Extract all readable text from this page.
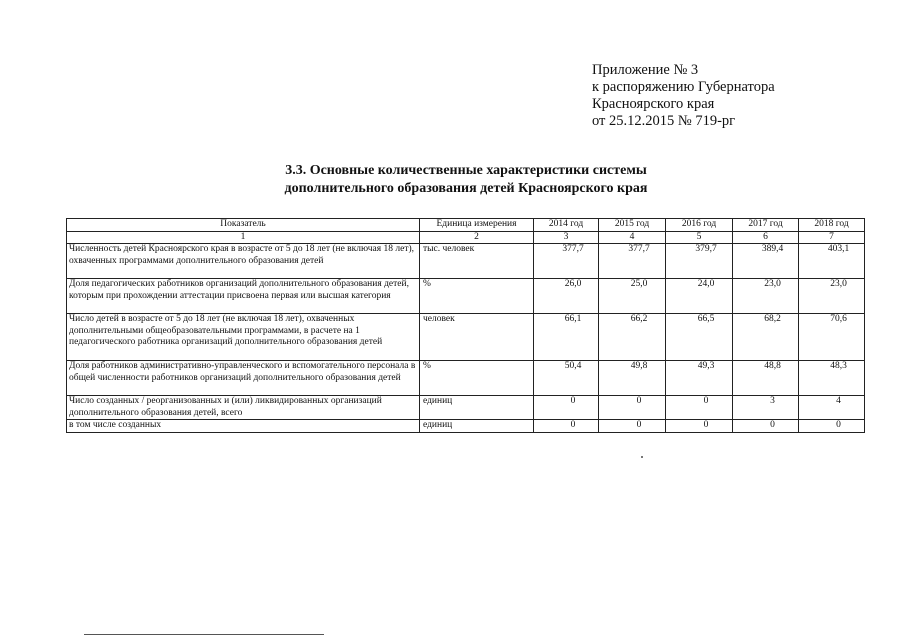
Приложение № 3
к распоряжению Губернатора
Красноярского края
от 25.12.2015 № 719-рг
3.3. Основные количественные характеристики системы
дополнительного образования детей Красноярского края
Показатель	Единица измерения	2014 год	2015 год	2016 год	2017 год	2018 год
1	2	3	4	5	6	7
Численность детей Красноярского края в возрасте от 5 до 18 лет (не включая 18 лет), охваченных программами дополнительного образования детей	тыс. человек	377,7	377,7	379,7	389,4	403,1
Доля педагогических работников организаций дополнительного образования детей, которым при прохождении аттестации присвоена первая или высшая категория	%	26,0	25,0	24,0	23,0	23,0
Число детей в возрасте от 5 до 18 лет (не включая 18 лет), охваченных дополнительными общеобразовательными программами, в расчете на 1 педагогического работника организаций дополнительного образования детей	человек	66,1	66,2	66,5	68,2	70,6
Доля работников административно-управленческого и вспомогательного персонала в общей численности работников организаций дополнительного образования детей	%	50,4	49,8	49,3	48,8	48,3
Число созданных / реорганизованных и (или) ликвидированных организаций дополнительного образования детей, всего	единиц	0	0	0	3	4
в том числе созданных	единиц	0	0	0	0	0
